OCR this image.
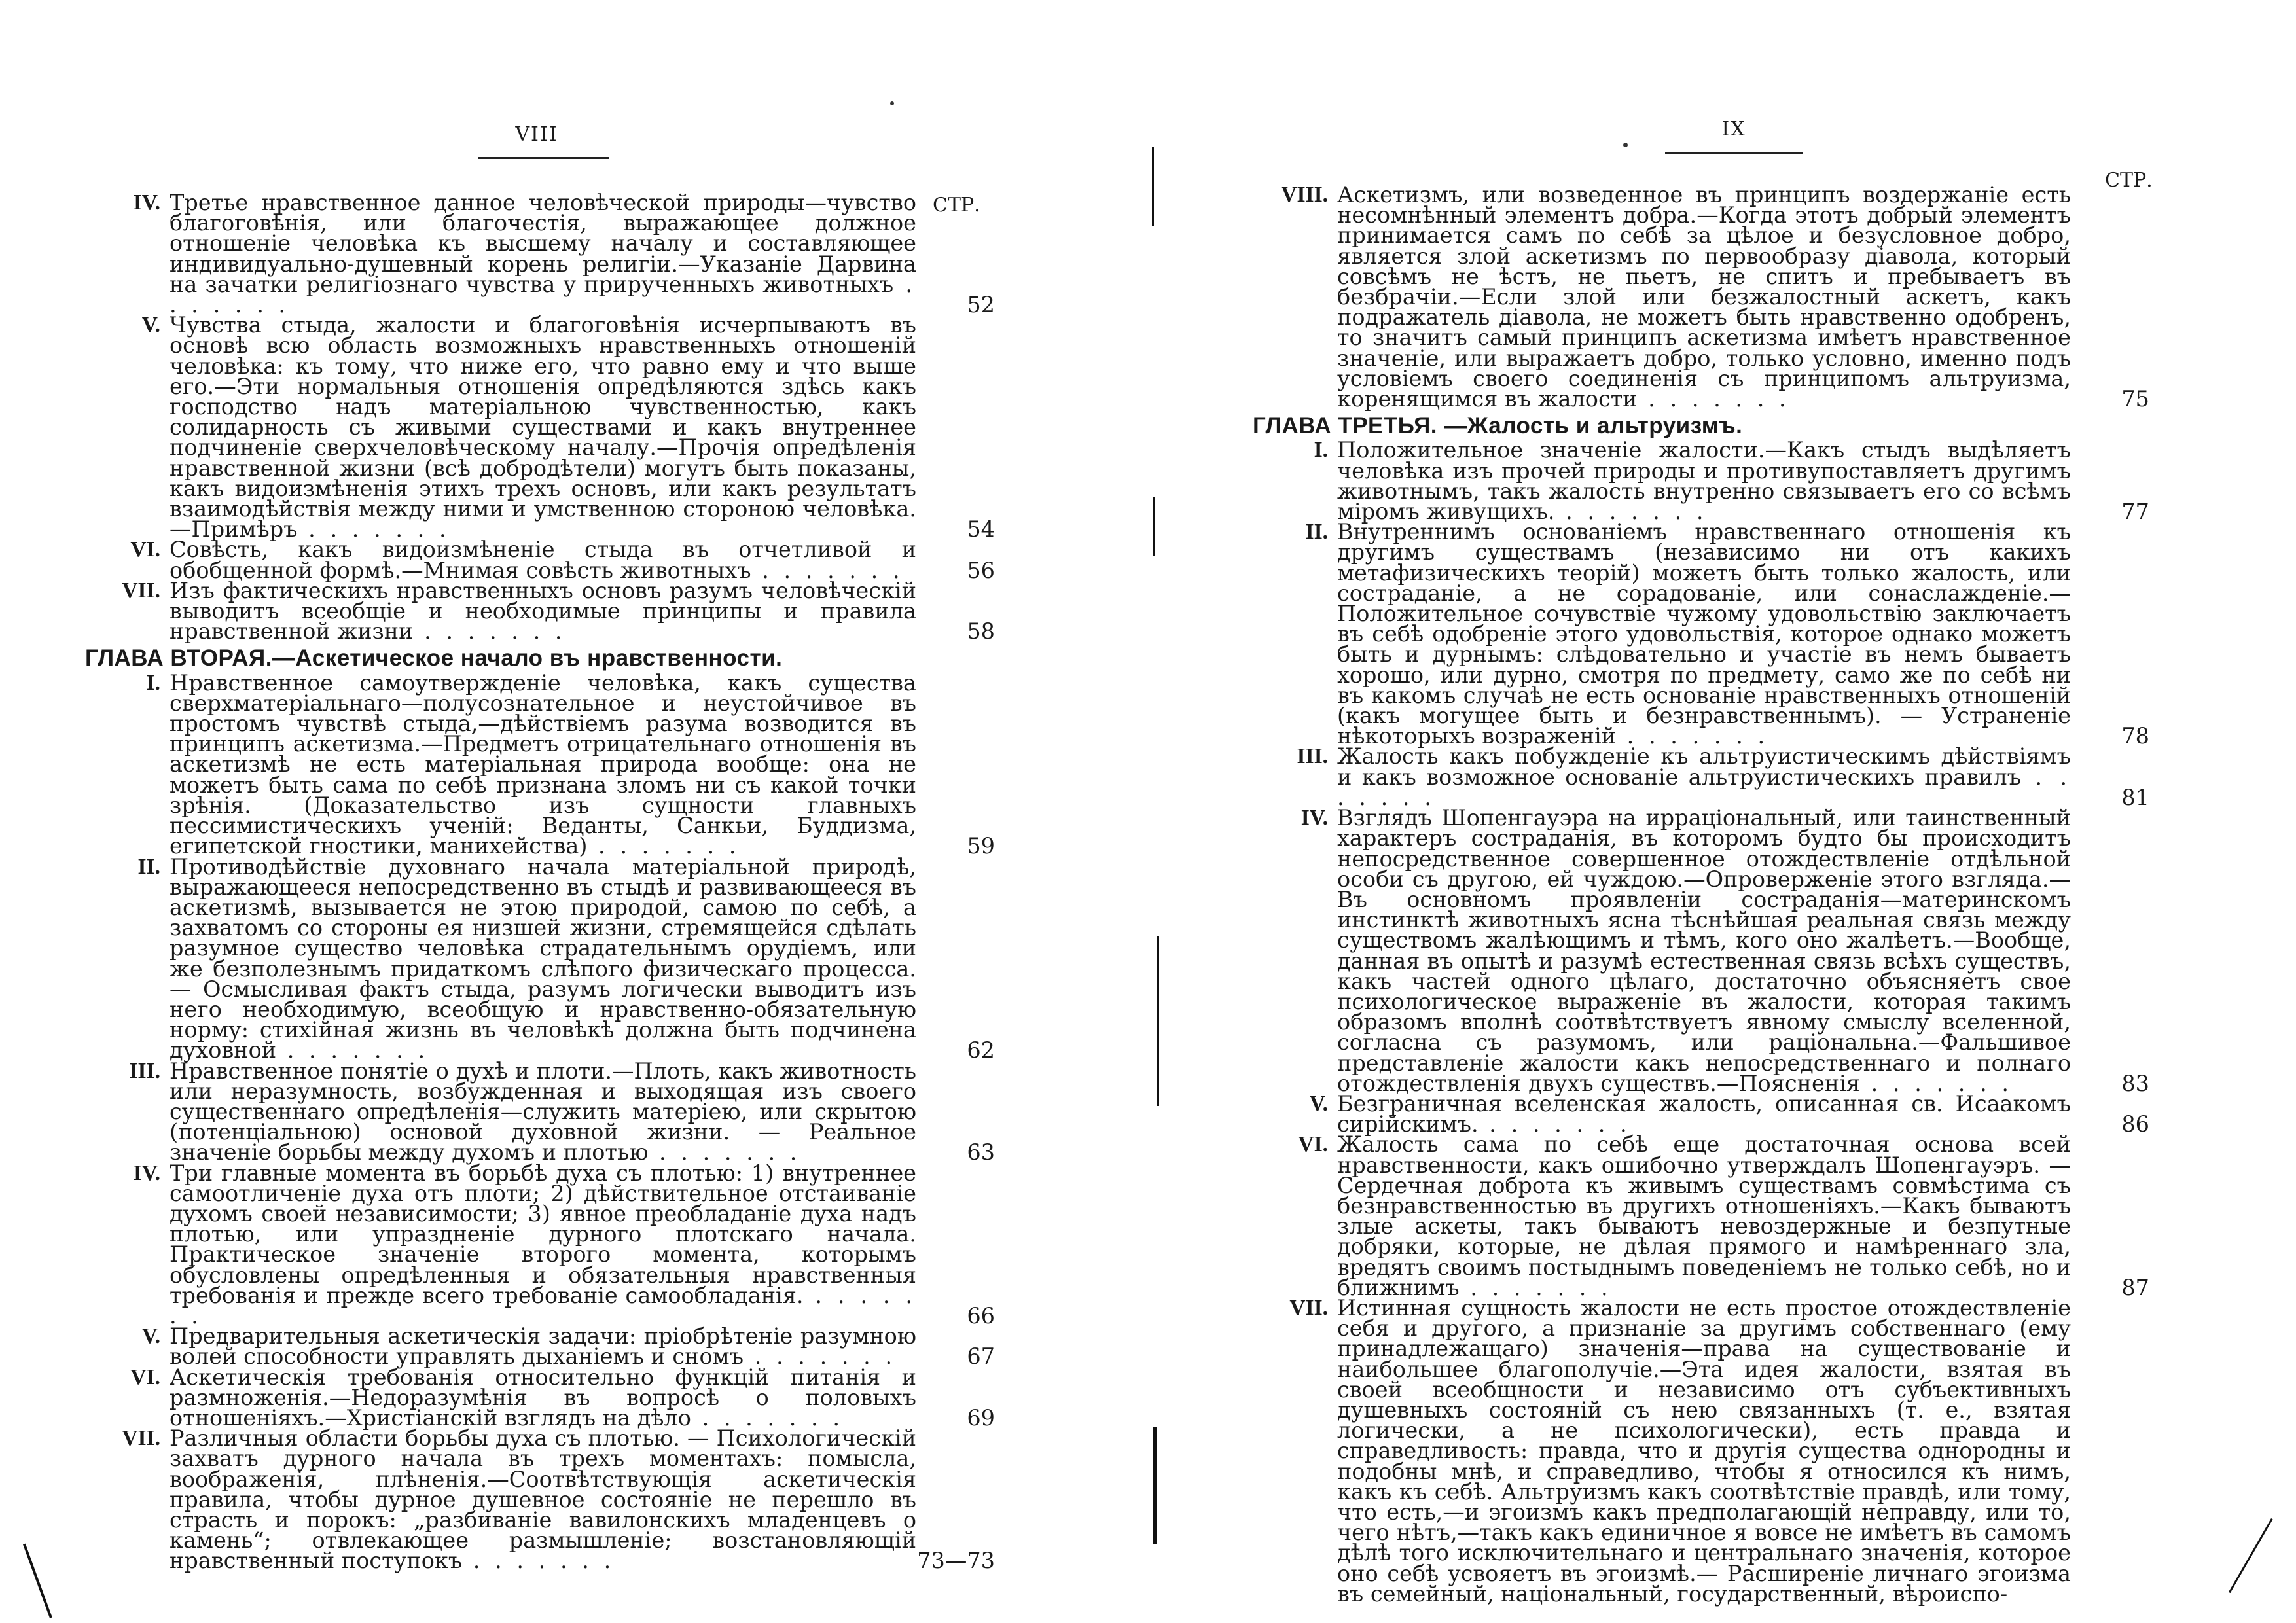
VIII
СТР.
IV. Третье нравственное данное человѣческой природы—чувство благоговѣнія, или благочестія, выражающее должное отношеніе человѣка къ высшему началу и составляющее индивидуально-душевный корень религіи.—Указаніе Дарвина на зачатки религіознаго чувства у прирученныхъ животныхъ . . . . . . .	52
V. Чувства стыда, жалости и благоговѣнія исчерпываютъ въ основѣ всю область возможныхъ нравственныхъ отношеній человѣка: къ тому, что ниже его, что равно ему и что выше его.—Эти нормальныя отношенія опредѣляются здѣсь какъ господство надъ матеріальною чувственностью, какъ солидарность съ живыми существами и какъ внутреннее подчиненіе сверхчеловѣческому началу.—Прочія опредѣленія нравственной жизни (всѣ добродѣтели) могутъ быть показаны, какъ видоизмѣненія этихъ трехъ основъ, или какъ результатъ взаимодѣйствія между ними и умственною стороною человѣка.—Примѣръ . . . . . . .	54
VI. Совѣсть, какъ видоизмѣненіе стыда въ отчетливой и обобщенной формѣ.—Мнимая совѣсть животныхъ . . . . . . .	56
VII. Изъ фактическихъ нравственныхъ основъ разумъ человѣческій выводитъ всеобщіе и необходимые принципы и правила нравственной жизни . . . . . . .	58
ГЛАВА ВТОРАЯ.—Аскетическое начало въ нравственности.
I. Нравственное самоутвержденіе человѣка, какъ существа сверхматеріальнаго—полусознательное и неустойчивое въ простомъ чувствѣ стыда,—дѣйствіемъ разума возводится въ принципъ аскетизма.—Предметъ отрицательнаго отношенія въ аскетизмѣ не есть матеріальная природа вообще: она не можетъ быть сама по себѣ признана зломъ ни съ какой точки зрѣнія. (Доказательство изъ сущности главныхъ пессимистическихъ ученій: Веданты, Санкьи, Буддизма, египетской гностики, манихейства) . . . . . . .	59
II. Противодѣйствіе духовнаго начала матеріальной природѣ, выражающееся непосредственно въ стыдѣ и развивающееся въ аскетизмѣ, вызывается не этою природой, самою по себѣ, а захватомъ со стороны ея низшей жизни, стремящейся сдѣлать разумное существо человѣка страдательнымъ орудіемъ, или же безполезнымъ придаткомъ слѣпого физическаго процесса. — Осмысливая фактъ стыда, разумъ логически выводитъ изъ него необходимую, всеобщую и нравственно-обязательную норму: стихійная жизнь въ человѣкѣ должна быть подчинена духовной . . . . . . .	62
III. Нравственное понятіе о духѣ и плоти.—Плоть, какъ животность или неразумность, возбужденная и выходящая изъ своего существеннаго опредѣленія—служить матеріею, или скрытою (потенціальною) основой духовной жизни. — Реальное значеніе борьбы между духомъ и плотью . . . . . . .	63
IV. Три главные момента въ борьбѣ духа съ плотью: 1) внутреннее самоотличеніе духа отъ плоти; 2) дѣйствительное отстаиваніе духомъ своей независимости; 3) явное преобладаніе духа надъ плотью, или упраздненіе дурного плотскаго начала. Практическое значеніе второго момента, которымъ обусловлены опредѣленныя и обязательныя нравственныя требованія и прежде всего требованіе самообладанія. . . . . . . .	66
V. Предварительныя аскетическія задачи: пріобрѣтеніе разумною волей способности управлять дыханіемъ и сномъ . . . . . . .	67
VI. Аскетическія требованія относительно функцій питанія и размноженія.—Недоразумѣнія въ вопросѣ о половыхъ отношеніяхъ.—Христіанскій взглядъ на дѣло . . . . . . .	69
VII. Различныя области борьбы духа съ плотью. — Психологическій захватъ дурного начала въ трехъ моментахъ: помысла, воображенія, плѣненія.—Соотвѣтствующія аскетическія правила, чтобы дурное душевное состояніе не перешло въ страсть и порокъ: „разбиваніе вавилонскихъ младенцевъ о камень“; отвлекающее размышленіе; возстановляющій нравственный поступокъ . . . . . . .	73—73
IX
СТР.
VIII. Аскетизмъ, или возведенное въ принципъ воздержаніе есть несомнѣнный элементъ добра.—Когда этотъ добрый элементъ принимается самъ по себѣ за цѣлое и безусловное добро, является злой аскетизмъ по первообразу діавола, который совсѣмъ не ѣстъ, не пьетъ, не спитъ и пребываетъ въ безбрачіи.—Если злой или безжалостный аскетъ, какъ подражатель діавола, не можетъ быть нравственно одобренъ, то значитъ самый принципъ аскетизма имѣетъ нравственное значеніе, или выражаетъ добро, только условно, именно подъ условіемъ своего соединенія съ принципомъ альтруизма, коренящимся въ жалости . . . . . . .	75
ГЛАВА ТРЕТЬЯ. —Жалость и альтруизмъ.
I. Положительное значеніе жалости.—Какъ стыдъ выдѣляетъ человѣка изъ прочей природы и противупоставляетъ другимъ животнымъ, такъ жалость внутренно связываетъ его со всѣмъ міромъ живущихъ. . . . . . . .	77
II. Внутреннимъ основаніемъ нравственнаго отношенія къ другимъ существамъ (независимо ни отъ какихъ метафизическихъ теорій) можетъ быть только жалость, или состраданіе, а не сорадованіе, или сонаслажденіе.—Положительное сочувствіе чужому удовольствію заключаетъ въ себѣ одобреніе этого удовольствія, которое однако можетъ быть и дурнымъ: слѣдовательно и участіе въ немъ бываетъ хорошо, или дурно, смотря по предмету, само же по себѣ ни въ какомъ случаѣ не есть основаніе нравственныхъ отношеній (какъ могущее быть и безнравственнымъ). — Устраненіе нѣкоторыхъ возраженій . . . . . . .	78
III. Жалость какъ побужденіе къ альтруистическимъ дѣйствіямъ и какъ возможное основаніе альтруистическихъ правилъ . . . . . . .	81
IV. Взглядъ Шопенгауэра на ирраціональный, или таинственный характеръ состраданія, въ которомъ будто бы происходитъ непосредственное совершенное отождествленіе отдѣльной особи съ другою, ей чуждою.—Опроверженіе этого взгляда.—Въ основномъ проявленіи состраданія—материнскомъ инстинктѣ животныхъ ясна тѣснѣйшая реальная связь между существомъ жалѣющимъ и тѣмъ, кого оно жалѣетъ.—Вообще, данная въ опытѣ и разумѣ естественная связь всѣхъ существъ, какъ частей одного цѣлаго, достаточно объясняетъ свое психологическое выраженіе въ жалости, которая такимъ образомъ вполнѣ соотвѣтствуетъ явному смыслу вселенной, согласна съ разумомъ, или раціональна.—Фальшивое представленіе жалости какъ непосредственнаго и полнаго отождествленія двухъ существъ.—Поясненія . . . . . . .	83
V. Безграничная вселенская жалость, описанная св. Исаакомъ сирійскимъ. . . . . . . .	86
VI. Жалость сама по себѣ еще достаточная основа всей нравственности, какъ ошибочно утверждалъ Шопенгауэръ. — Сердечная доброта къ живымъ существамъ совмѣстима съ безнравственностью въ другихъ отношеніяхъ.—Какъ бываютъ злые аскеты, такъ бываютъ невоздержные и безпутные добряки, которые, не дѣлая прямого и намѣреннаго зла, вредятъ своимъ постыднымъ поведеніемъ не только себѣ, но и ближнимъ . . . . . . .	87
VII. Истинная сущность жалости не есть простое отождествленіе себя и другого, а признаніе за другимъ собственнаго (ему принадлежащаго) значенія—права на существованіе и наибольшее благополучіе.—Эта идея жалости, взятая въ своей всеобщности и независимо отъ субъективныхъ душевныхъ состояній съ нею связанныхъ (т. е., взятая логически, а не психологически), есть правда и справедливость: правда, что и другія существа однородны и подобны мнѣ, и справедливо, чтобы я относился къ нимъ, какъ къ себѣ. Альтруизмъ какъ соотвѣтствіе правдѣ, или тому, что есть,—и эгоизмъ какъ предполагающій неправду, или то, чего нѣтъ,—такъ какъ единичное я вовсе не имѣетъ въ самомъ дѣлѣ того исключительнаго и центральнаго значенія, которое оно себѣ усвояетъ въ эгоизмѣ.— Расширеніе личнаго эгоизма въ семейный, національный, государственный, вѣроиспо-
